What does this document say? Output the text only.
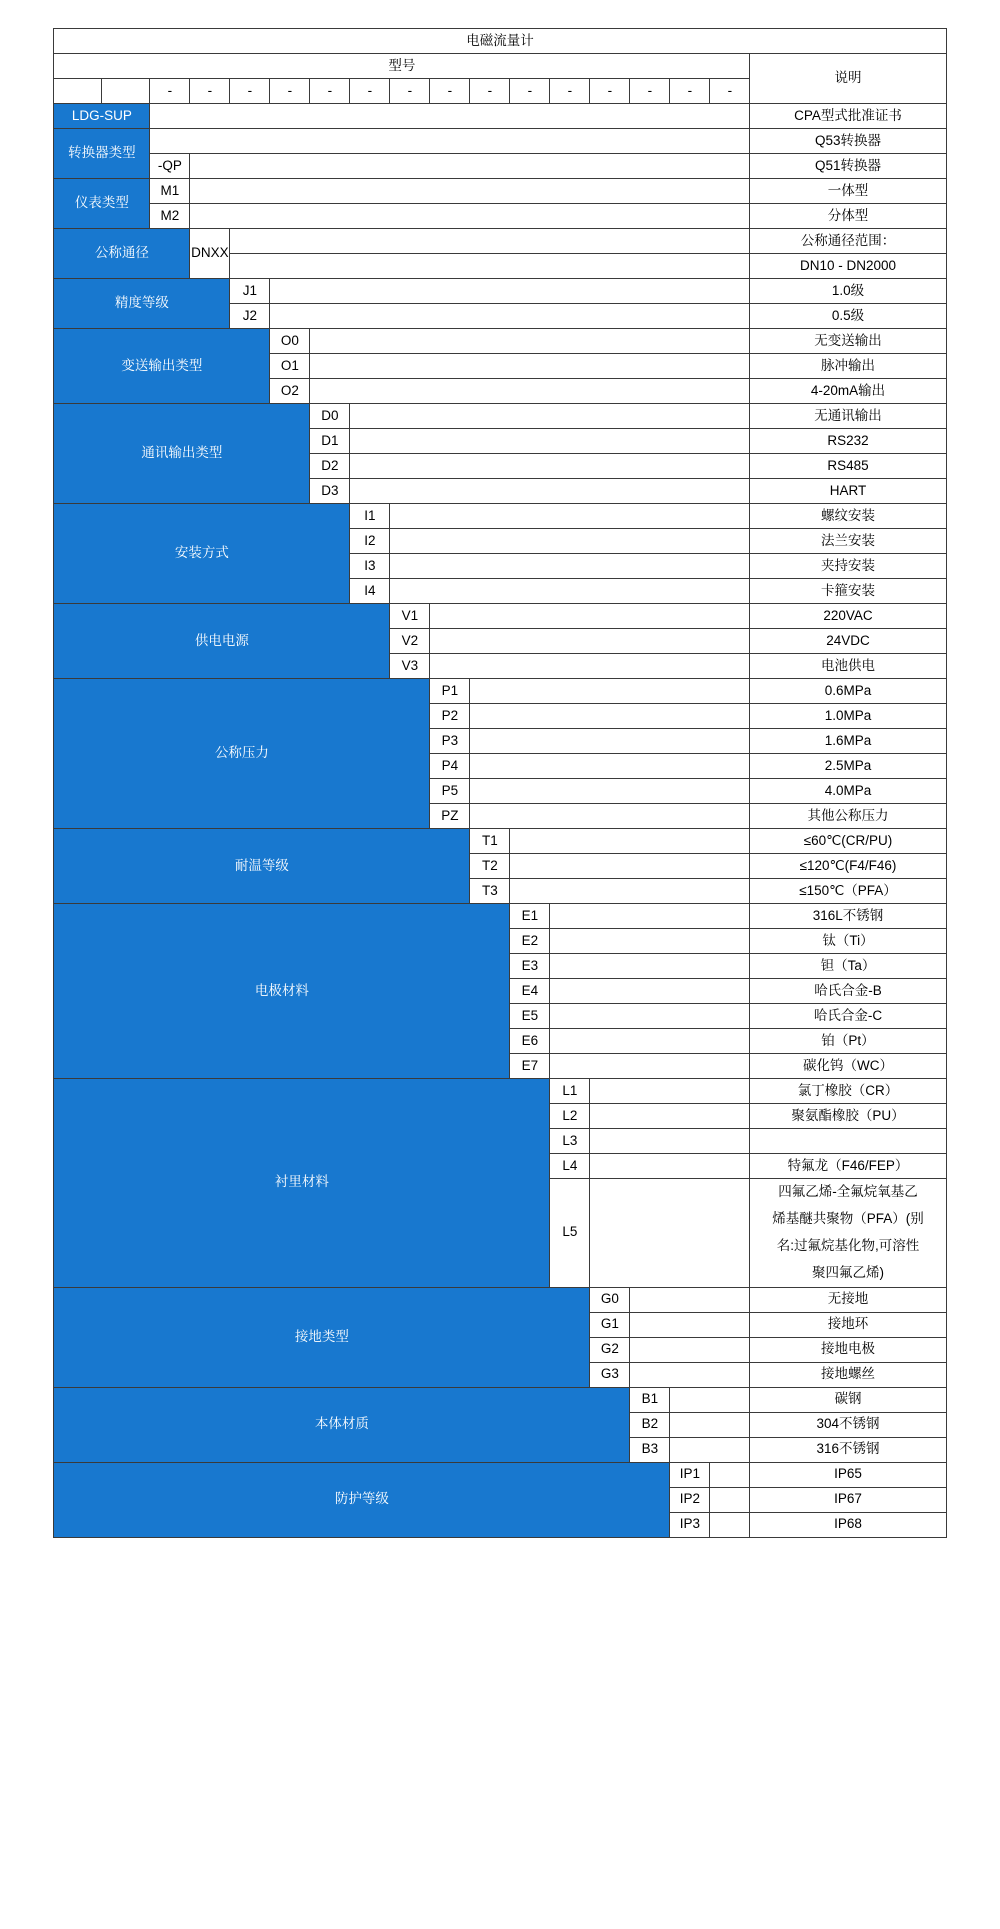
电磁流量计																	
型号																	说明
		-	-	-	-	-	-	-	-	-	-	-	-	-	-	-	
LDG-SUP																	CPA型式批准证书
转换器类型																	Q53转换器
		-QP															Q51转换器
仪表类型		M1															一体型
		M2															分体型
公称通径			DNXX														公称通径范围：
																	DN10 - DN2000
精度等级				J1													1.0级
				J2													0.5级
变送输出类型					O0												无变送输出
					O1												脉冲输出
					O2												4-20mA输出
通讯输出类型						D0											无通讯输出
						D1											RS232
						D2											RS485
						D3											HART
安装方式							I1										螺纹安装
							I2										法兰安装
							I3										夹持安装
							I4										卡箍安装
供电电源								V1									220VAC
								V2									24VDC
								V3									电池供电
公称压力									P1								0.6MPa
									P2								1.0MPa
									P3								1.6MPa
									P4								2.5MPa
									P5								4.0MPa
									PZ								其他公称压力
耐温等级										T1							≤60℃(CR/PU)
										T2							≤120℃(F4/F46)
										T3							≤150℃（PFA）
电极材料											E1						316L不锈钢
											E2						钛（Ti）
											E3						钽（Ta）
											E4						哈氏合金-B
											E5						哈氏合金-C
											E6						铂（Pt）
											E7						碳化钨（WC）
衬里材料												L1					氯丁橡胶（CR）
												L2					聚氨酯橡胶（PU）
												L3					
												L4					特氟龙（F46/FEP）
												L5					四氟乙烯-全氟烷氧基乙
烯基醚共聚物（PFA）(别
名:过氟烷基化物,可溶性
聚四氟乙烯)

接地类型													G0				无接地
													G1				接地环
													G2				接地电极
													G3				接地螺丝
本体材质														B1			碳钢
														B2			304不锈钢
														B3			316不锈钢
防护等级															IP1		IP65
															IP2		IP67
															IP3		IP68
